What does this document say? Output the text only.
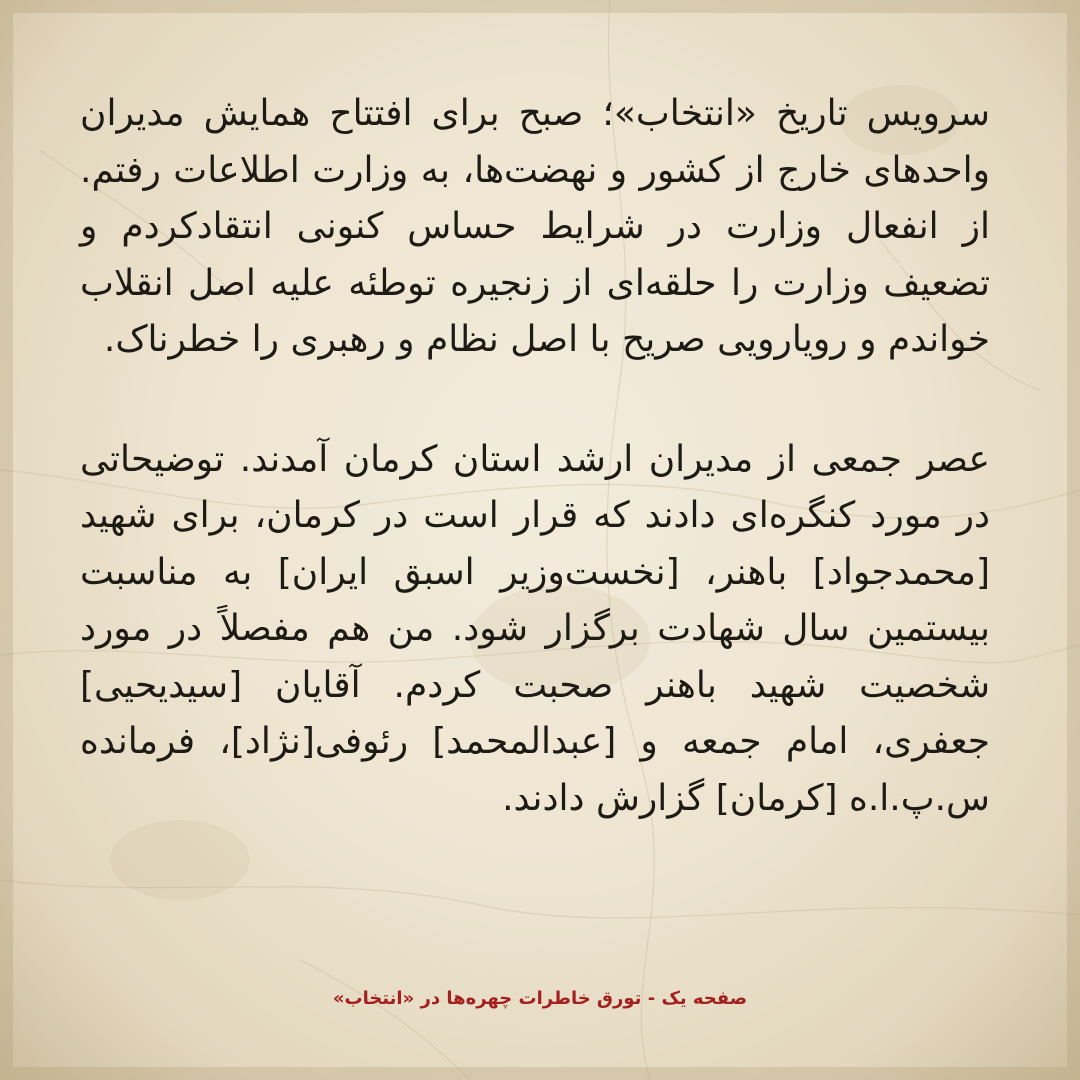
سرویس تاریخ «انتخاب»؛ صبح برای افتتاح همایش مدیران واحدهای خارج از کشور و نهضت‌ها، به وزارت اطلاعات رفتم. از انفعال وزارت در شرایط حساس کنونی انتقادکردم و تضعیف وزارت را حلقه‌ای از زنجیره توطئه علیه اصل انقلاب خواندم و رویارویی صریح با اصل نظام و رهبری را خطرناک.

عصر جمعی از مدیران ارشد استان کرمان آمدند. توضیحاتی در مورد کنگره‌ای دادند که قرار است در کرمان، برای شهید [محمدجواد] باهنر، [نخست‌وزیر اسبق ایران] به مناسبت بیستمین سال شهادت برگزار شود. من هم مفصلاً در مورد شخصیت شهید باهنر صحبت کردم. آقایان [سیدیحیی] جعفری، امام جمعه و [عبدالمحمد] رئوفی[نژاد]، فرمانده س.پ.ا.ه [کرمان] گزارش دادند.

صفحه یک - تورق خاطرات چهره‌ها در «انتخاب»
